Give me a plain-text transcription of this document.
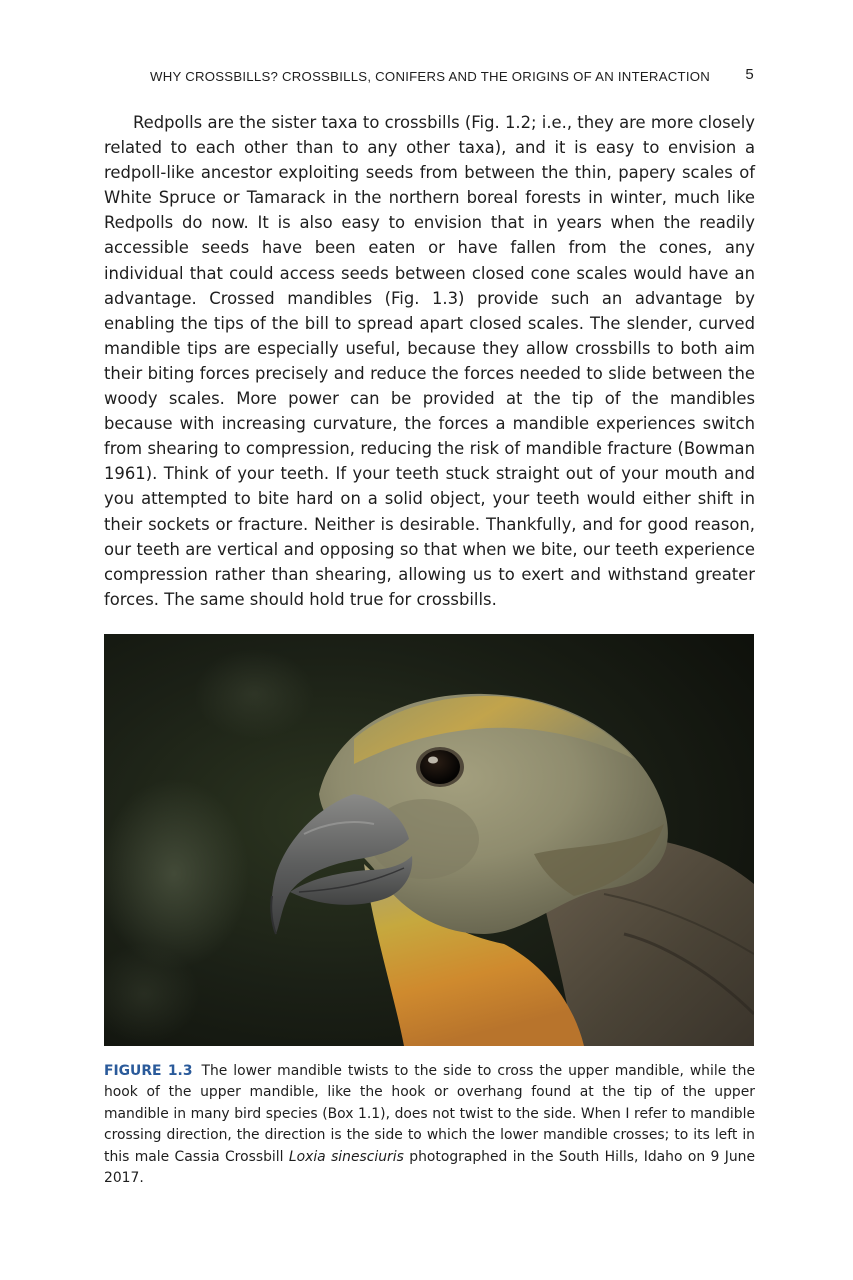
WHY CROSSBILLS? CROSSBILLS, CONIFERS AND THE ORIGINS OF AN INTERACTION 5

Redpolls are the sister taxa to crossbills (Fig. 1.2; i.e., they are more closely related to each other than to any other taxa), and it is easy to envision a redpoll-like ancestor exploiting seeds from between the thin, papery scales of White Spruce or Tamarack in the northern boreal forests in winter, much like Redpolls do now. It is also easy to envision that in years when the readily accessible seeds have been eaten or have fallen from the cones, any individual that could access seeds between closed cone scales would have an advantage. Crossed mandibles (Fig. 1.3) provide such an advantage by enabling the tips of the bill to spread apart closed scales. The slender, curved mandible tips are especially useful, because they allow crossbills to both aim their biting forces precisely and reduce the forces needed to slide between the woody scales. More power can be provided at the tip of the mandibles because with increasing curvature, the forces a mandible experiences switch from shearing to compression, reducing the risk of mandible fracture (Bowman 1961). Think of your teeth. If your teeth stuck straight out of your mouth and you attempted to bite hard on a solid object, your teeth would either shift in their sockets or fracture. Neither is desirable. Thankfully, and for good reason, our teeth are vertical and opposing so that when we bite, our teeth experience compression rather than shearing, allowing us to exert and withstand greater forces. The same should hold true for crossbills.

FIGURE 1.3 The lower mandible twists to the side to cross the upper mandible, while the hook of the upper mandible, like the hook or overhang found at the tip of the upper mandible in many bird species (Box 1.1), does not twist to the side. When I refer to mandible crossing direction, the direction is the side to which the lower mandible crosses; to its left in this male Cassia Crossbill Loxia sinesciuris photographed in the South Hills, Idaho on 9 June 2017.
